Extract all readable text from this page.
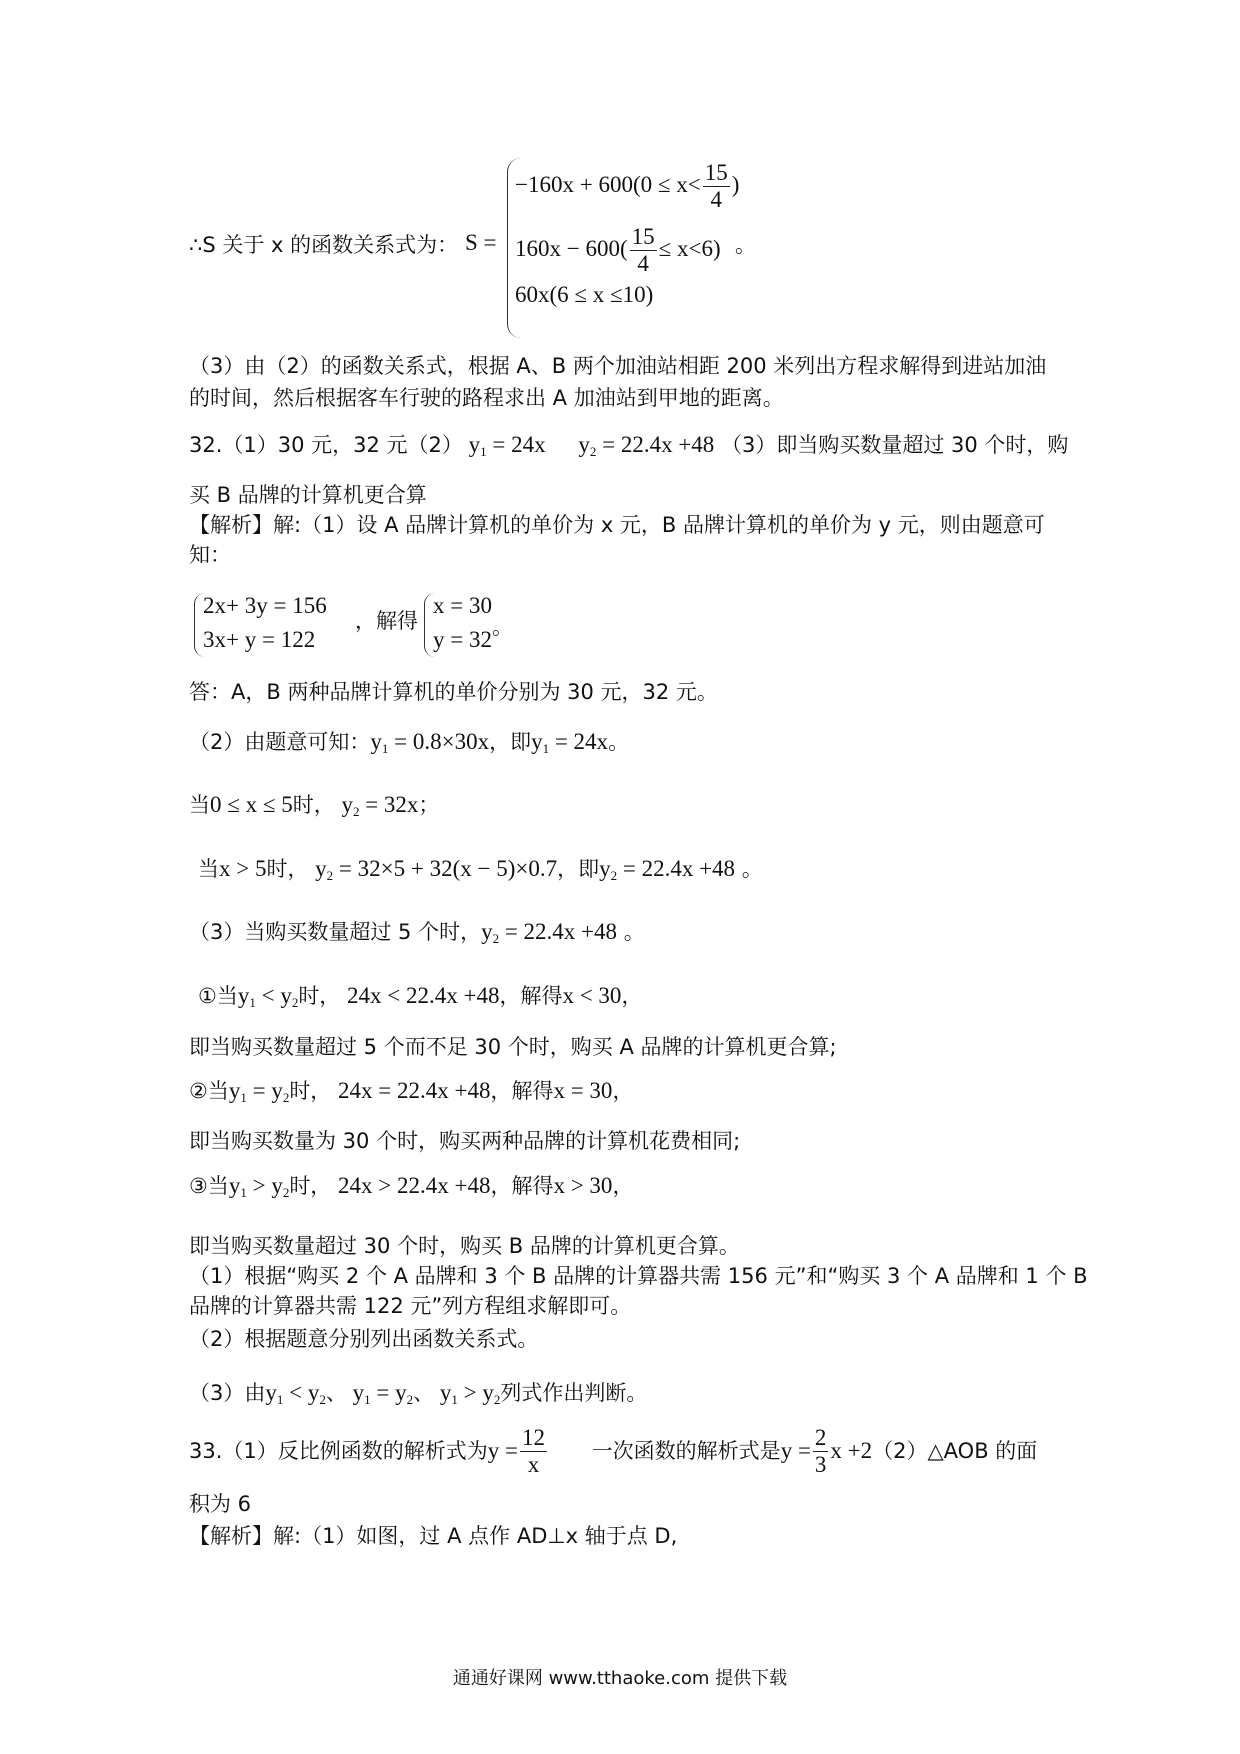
∴S 关于 x 的函数关系式为： S =
$-160x + 600(0 \le x< \frac{15}{4}$ )
$160x - 600( \frac{15}{4} \le x<6)$
60x(6 ≤ x ≤10)
。
（3）由（2）的函数关系式，根据 A、B 两个加油站相距 200 米列出方程求解得到进站加油
的时间，然后根据客车行驶的路程求出 A 加油站到甲地的距离。
32.（1）30 元，32 元（2） $y_1 = 24x$ $y_2 = 22.4x +48$ （3）即当购买数量超过 30 个时，购
买 B 品牌的计算机更合算
【解析】解:（1）设 A 品牌计算机的单价为 x 元，B 品牌计算机的单价为 y 元，则由题意可
知：
2x+ 3y = 156
3x+ y = 122
，解得
x = 30
y = 32 。
答：A，B 两种品牌计算机的单价分别为 30 元，32 元。
（2）由题意可知：$y_1 = 0.8\times 30x$，即$y_1 = 24x$。
当0 ≤ x ≤ 5时， $y_2 = 32x$；
当x > 5时， $y_2 = 32\times 5 + 32(x - 5)\times 0.7$，即$y_2 = 22.4x +48$ 。
（3）当购买数量超过 5 个时，$y_2 = 22.4x +48$ 。
①当$y_1 < y_2$时， 24x < 22.4x +48，解得x < 30，
即当购买数量超过 5 个而不足 30 个时，购买 A 品牌的计算机更合算;
②当$y_1 = y_2$时， 24x = 22.4x +48，解得x = 30，
即当购买数量为 30 个时，购买两种品牌的计算机花费相同;
③当$y_1 > y_2$时， 24x > 22.4x +48，解得x > 30，
即当购买数量超过 30 个时，购买 B 品牌的计算机更合算。
（1）根据“购买 2 个 A 品牌和 3 个 B 品牌的计算器共需 156 元”和“购买 3 个 A 品牌和 1 个 B
品牌的计算器共需 122 元”列方程组求解即可。
（2）根据题意分别列出函数关系式。
（3）由$y_1 < y_2$、 $y_1 = y_2$、 $y_1 > y_2$列式作出判断。
33.（1）反比例函数的解析式为$y = \frac{12}{x}$ 一次函数的解析式是$y = \frac{2}{3}$ x +2（2）△AOB 的面
积为 6
【解析】解:（1）如图，过 A 点作 AD⊥x 轴于点 D,
通通好课网 www.tthaoke.com 提供下载
